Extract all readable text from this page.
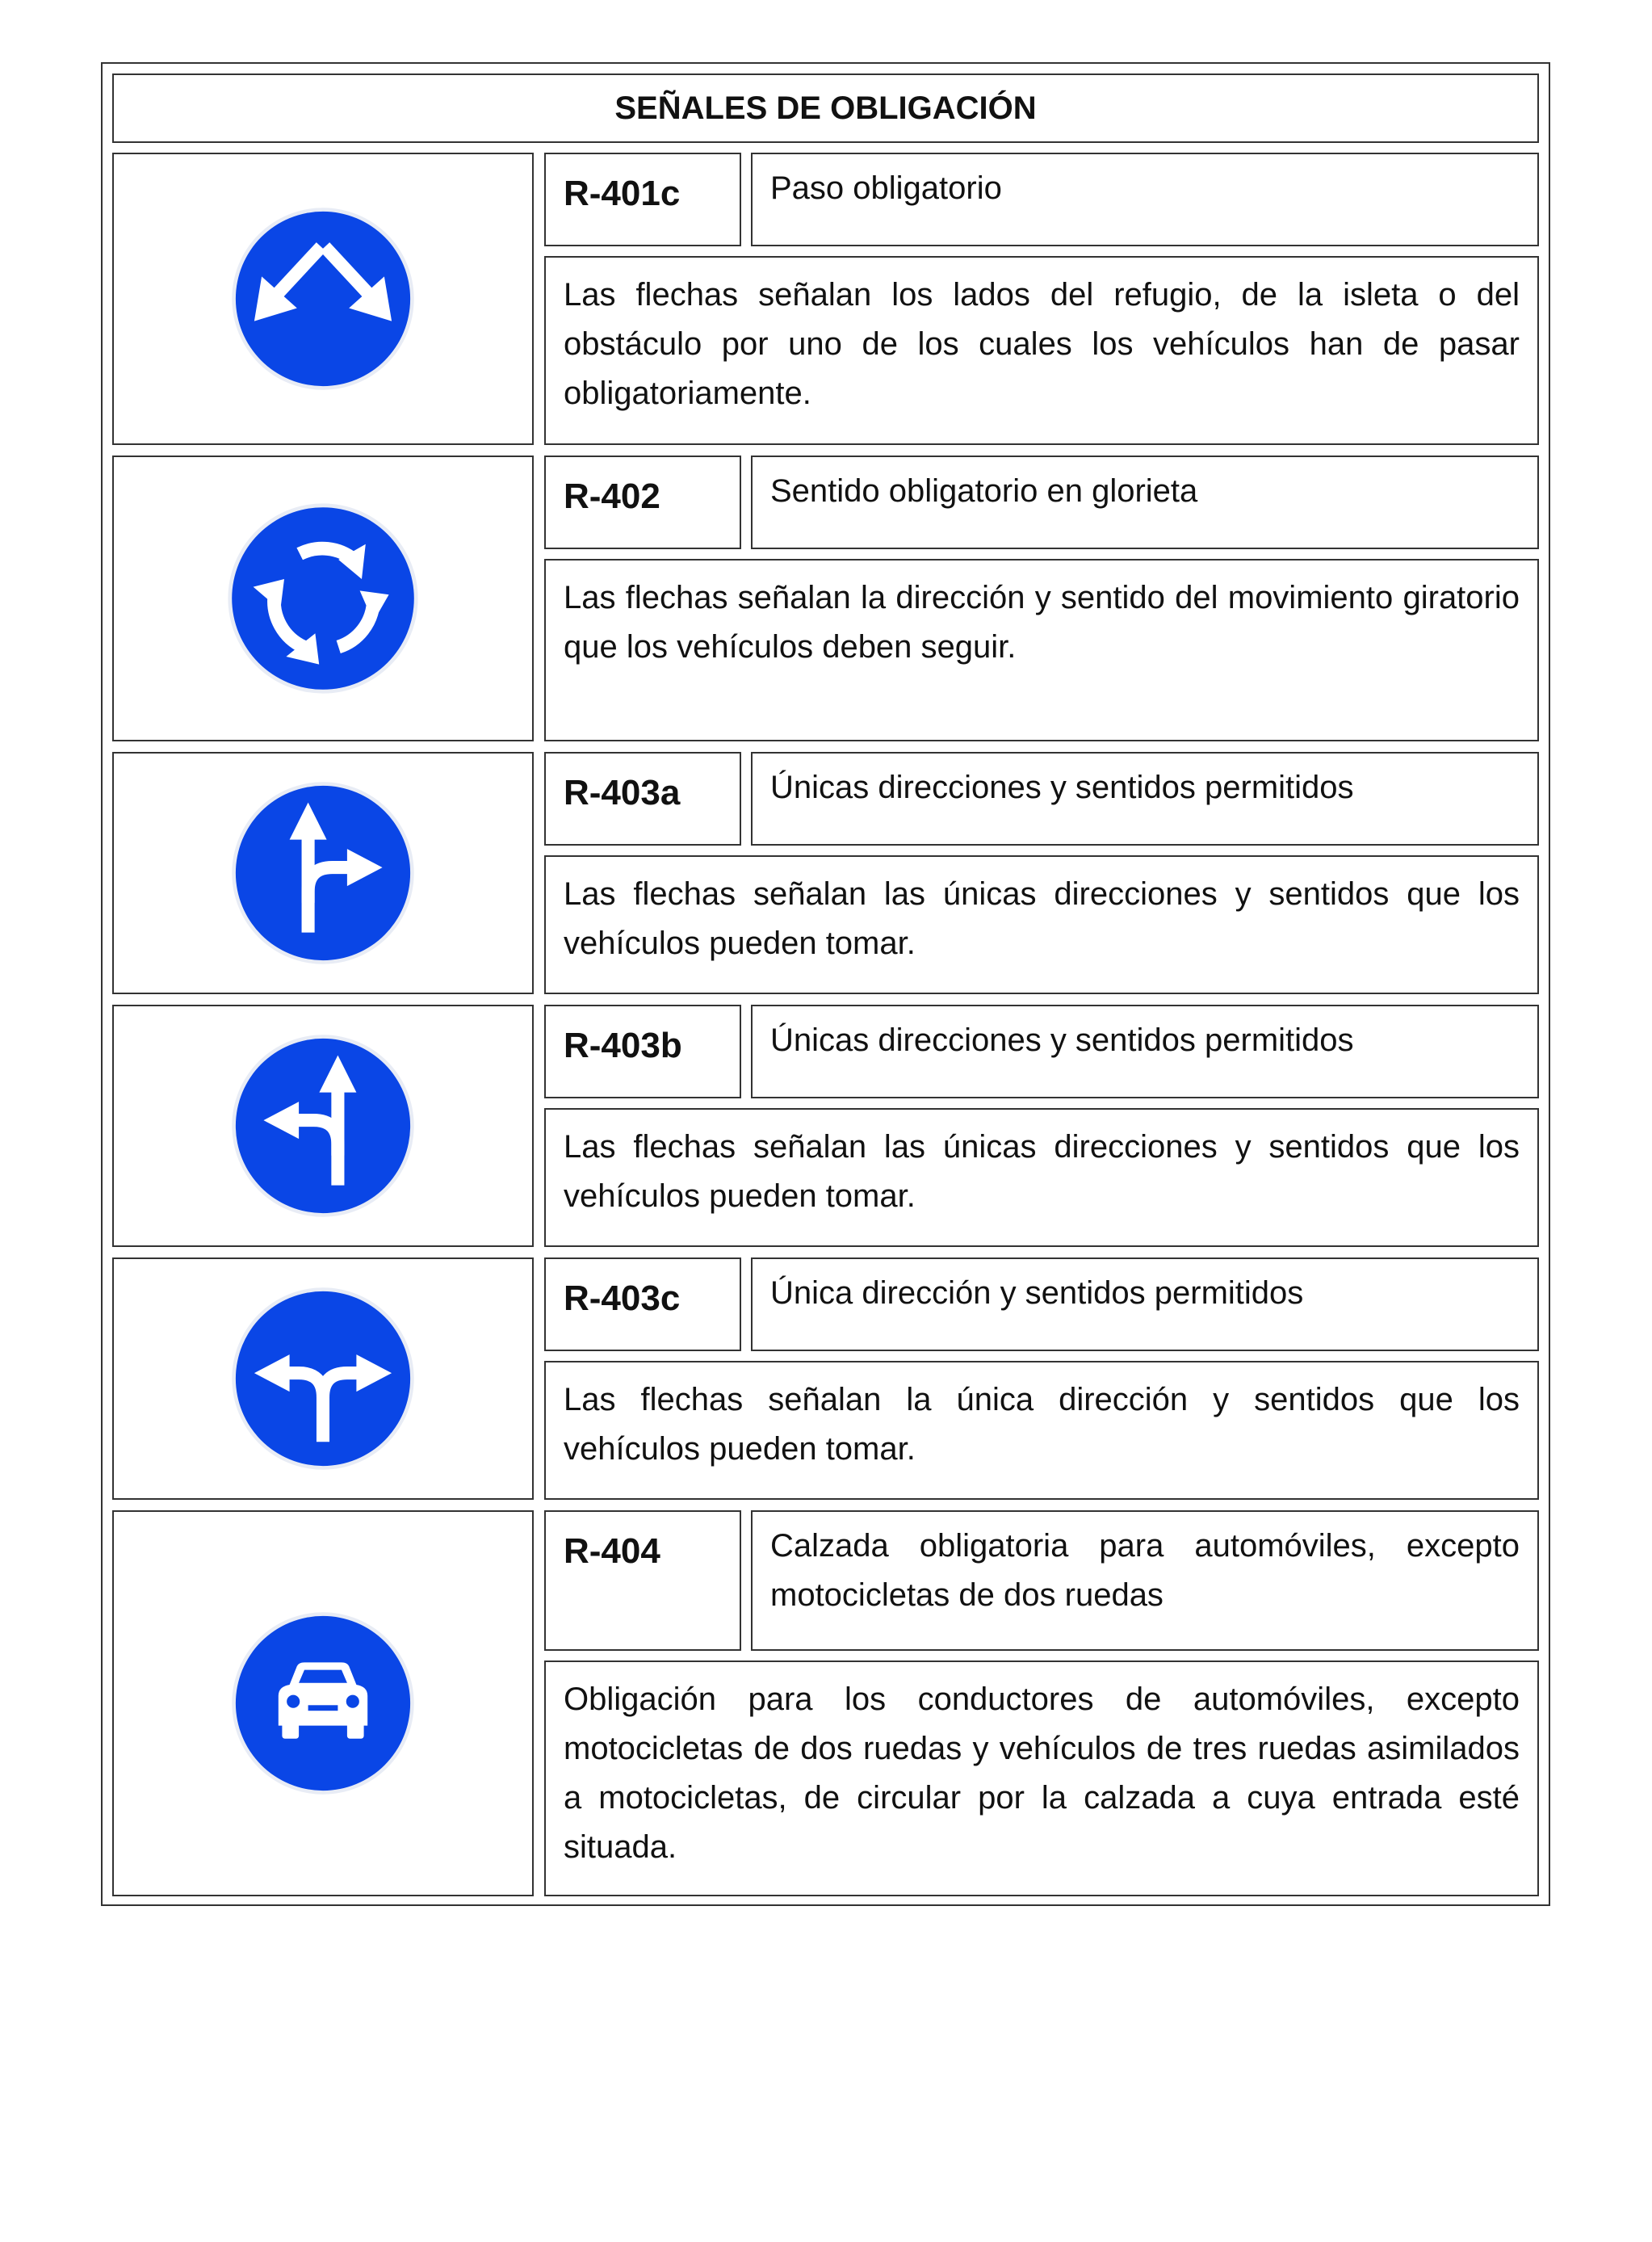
SEÑALES DE OBLIGACIÓN
R-401c	Paso obligatorio
Las flechas señalan los lados del refugio, de la isleta o del obstáculo por uno de los cuales los vehículos han de pasar obligatoriamente.
R-402	Sentido obligatorio en glorieta
Las flechas señalan la dirección y sentido del movimiento giratorio que los vehículos deben seguir.
R-403a	Únicas direcciones y sentidos permitidos
Las flechas señalan las únicas direcciones y sentidos que los vehículos pueden tomar.
R-403b	Únicas direcciones y sentidos permitidos
Las flechas señalan las únicas direcciones y sentidos que los vehículos pueden tomar.
R-403c	Única dirección y sentidos permitidos
Las flechas señalan la única dirección y sentidos que los vehículos pueden tomar.
R-404	Calzada obligatoria para automóviles, excepto motocicletas de dos ruedas
Obligación para los conductores de automóviles, excepto motocicletas de dos ruedas y vehículos de tres ruedas asimilados a motocicletas, de circular por la calzada a cuya entrada esté situada.
